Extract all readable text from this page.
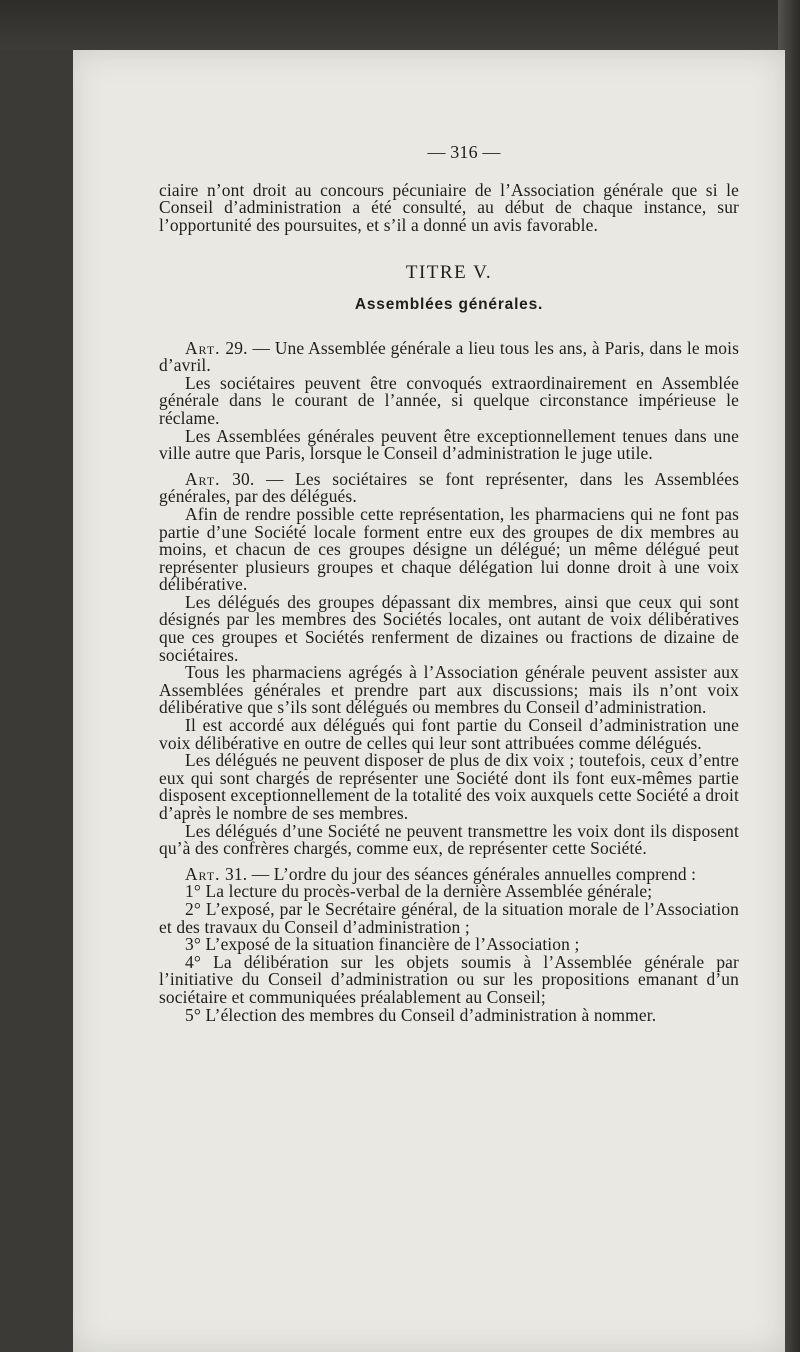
— 316 —

ciaire n’ont droit au concours pécuniaire de l’Association générale que si le Conseil d’administration a été consulté, au début de chaque instance, sur l’opportunité des poursuites, et s’il a donné un avis favorable.

TITRE V.
Assemblées générales.

Art. 29. — Une Assemblée générale a lieu tous les ans, à Paris, dans le mois d’avril.

Les sociétaires peuvent être convoqués extraordinairement en Assemblée générale dans le courant de l’année, si quelque circonstance impérieuse le réclame.

Les Assemblées générales peuvent être exceptionnellement tenues dans une ville autre que Paris, lorsque le Conseil d’administration le juge utile.

Art. 30. — Les sociétaires se font représenter, dans les Assemblées générales, par des délégués.

Afin de rendre possible cette représentation, les pharmaciens qui ne font pas partie d’une Société locale forment entre eux des groupes de dix membres au moins, et chacun de ces groupes désigne un délégué; un même délégué peut représenter plusieurs groupes et chaque délégation lui donne droit à une voix délibérative.

Les délégués des groupes dépassant dix membres, ainsi que ceux qui sont désignés par les membres des Sociétés locales, ont autant de voix délibératives que ces groupes et Sociétés renferment de dizaines ou fractions de dizaine de sociétaires.

Tous les pharmaciens agrégés à l’Association générale peuvent assister aux Assemblées générales et prendre part aux discussions; mais ils n’ont voix délibérative que s’ils sont délégués ou membres du Conseil d’administration.

Il est accordé aux délégués qui font partie du Conseil d’administration une voix délibérative en outre de celles qui leur sont attribuées comme délégués.

Les délégués ne peuvent disposer de plus de dix voix ; toutefois, ceux d’entre eux qui sont chargés de représenter une Société dont ils font eux-mêmes partie disposent exceptionnellement de la totalité des voix auxquels cette Société a droit d’après le nombre de ses membres.

Les délégués d’une Société ne peuvent transmettre les voix dont ils disposent qu’à des confrères chargés, comme eux, de représenter cette Société.

Art. 31. — L’ordre du jour des séances générales annuelles comprend :

1° La lecture du procès-verbal de la dernière Assemblée générale;

2° L’exposé, par le Secrétaire général, de la situation morale de l’Association et des travaux du Conseil d’administration ;

3° L’exposé de la situation financière de l’Association ;

4° La délibération sur les objets soumis à l’Assemblée générale par l’initiative du Conseil d’administration ou sur les propositions emanant d’un sociétaire et communiquées préalablement au Conseil;

5° L’élection des membres du Conseil d’administration à nommer.
